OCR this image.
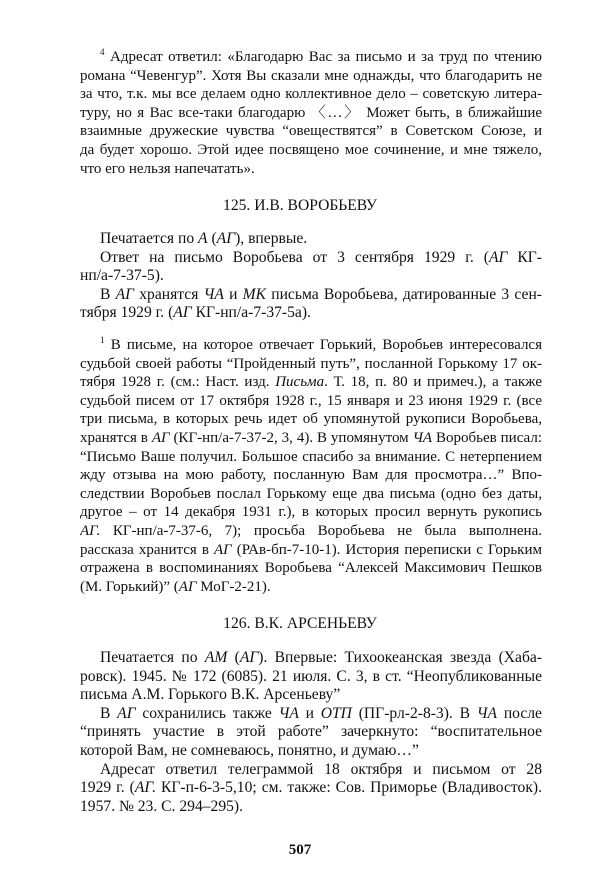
$^4$ Адресат ответил: «Благодарю Вас за письмо и за труд по чтению
романа “Чевенгур”. Хотя Вы сказали мне однажды, что благодарить не
за что, т.к. мы все делаем одно коллективное дело – советскую литера-
туру, но я Вас все-таки благодарю 〈…〉 Может быть, в ближайшие
взаимные дружеские чувства “овеществятся” в Советском Союзе, и
да будет хорошо. Этой идее посвящено мое сочинение, и мне тяжело,
что его нельзя напечатать».
125. И.В. ВОРОБЬЕВУ
Печатается по А (АГ), впервые.
Ответ на письмо Воробьева от 3 сентября 1929 г. (АГ КГ-
нп/а-7-37-5).
В АГ хранятся ЧА и МК письма Воробьева, датированные 3 сен-
тября 1929 г. (АГ КГ-нп/а-7-37-5а).
$^1$ В письме, на которое отвечает Горький, Воробьев интересовался
судьбой своей работы “Пройденный путь”, посланной Горькому 17 ок-
тября 1928 г. (см.: Наст. изд. Письма. Т. 18, п. 80 и примеч.), а также
судьбой писем от 17 октября 1928 г., 15 января и 23 июня 1929 г. (все
три письма, в которых речь идет об упомянутой рукописи Воробьева,
хранятся в АГ (КГ-нп/а-7-37-2, 3, 4). В упомянутом ЧА Воробьев писал:
“Письмо Ваше получил. Большое спасибо за внимание. С нетерпением
жду отзыва на мою работу, посланную Вам для просмотра…” Впо-
следствии Воробьев послал Горькому еще два письма (одно без даты,
другое – от 14 декабря 1931 г.), в которых просил вернуть рукопись
АГ. КГ-нп/а-7-37-6, 7); просьба Воробьева не была выполнена.
рассказа хранится в АГ (РАв-бп-7-10-1). История переписки с Горьким
отражена в воспоминаниях Воробьева “Алексей Максимович Пешков
(М. Горький)” (АГ МоГ-2-21).
126. В.К. АРСЕНЬЕВУ
Печатается по АМ (АГ). Впервые: Тихоокеанская звезда (Хаба-
ровск). 1945. № 172 (6085). 21 июля. С. 3, в ст. “Неопубликованные
письма А.М. Горького В.К. Арсеньеву”
В АГ сохранились также ЧА и ОТП (ПГ-рл-2-8-3). В ЧА после
“принять участие в этой работе” зачеркнуто: “воспитательное
которой Вам, не сомневаюсь, понятно, и думаю…”
Адресат ответил телеграммой 18 октября и письмом от 28
1929 г. (АГ. КГ-п-6-3-5,10; см. также: Сов. Приморье (Владивосток).
1957. № 23. С. 294–295).
507
